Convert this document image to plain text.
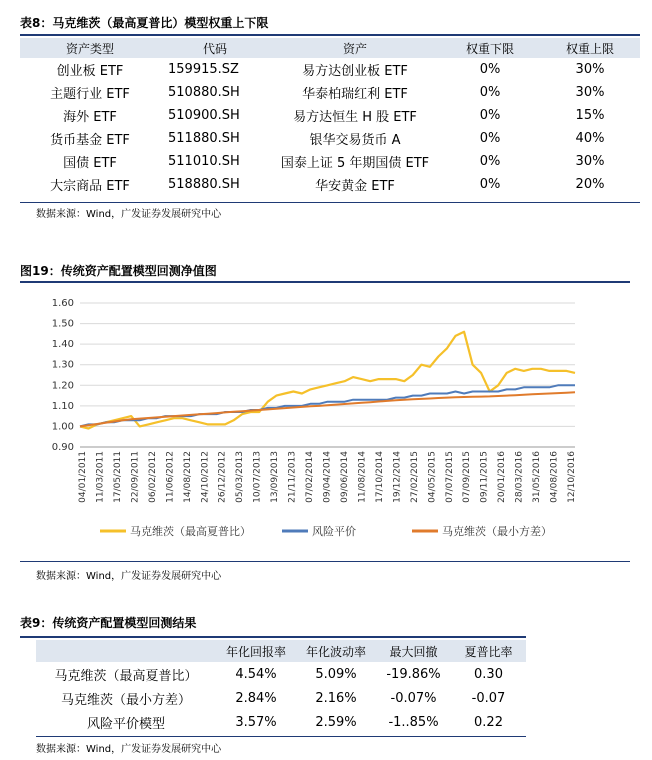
表8：马克维茨（最高夏普比）模型权重上下限
资产类型	代码	资产	权重下限	权重上限
创业板 ETF	159915.SZ	易方达创业板 ETF	0%	30%
主题行业 ETF	510880.SH	华泰柏瑞红利 ETF	0%	30%
海外 ETF	510900.SH	易方达恒生 H 股 ETF	0%	15%
货币基金 ETF	511880.SH	银华交易货币 A	0%	40%
国债 ETF	511010.SH	国泰上证 5 年期国债 ETF	0%	30%
大宗商品 ETF	518880.SH	华安黄金 ETF	0%	20%
数据来源：Wind，广发证券发展研究中心
图19：传统资产配置模型回测净值图
1.60
1.50
1.40
1.30
1.20
1.10
1.00
0.90
04/01/2011 11/03/2011 17/05/2011 22/09/2011 06/02/2012 11/06/2012 14/08/2012 24/10/2012 26/12/2012 05/03/2013 10/07/2013 13/09/2013 21/11/2013 07/02/2014 09/04/2014 09/06/2014 11/08/2014 17/10/2014 19/12/2014 27/02/2015 04/05/2015 07/07/2015 07/09/2015 09/11/2015 20/01/2016 28/03/2016 31/05/2016 04/08/2016 12/10/2016
马克维茨（最高夏普比）	风险平价	马克维茨（最小方差）
数据来源：Wind，广发证券发展研究中心
表9：传统资产配置模型回测结果
	年化回报率	年化波动率	最大回撤	夏普比率
马克维茨（最高夏普比）	4.54%	5.09%	-19.86%	0.30
马克维茨（最小方差）	2.84%	2.16%	-0.07%	-0.07
风险平价模型	3.57%	2.59%	-1..85%	0.22
数据来源：Wind，广发证券发展研究中心
